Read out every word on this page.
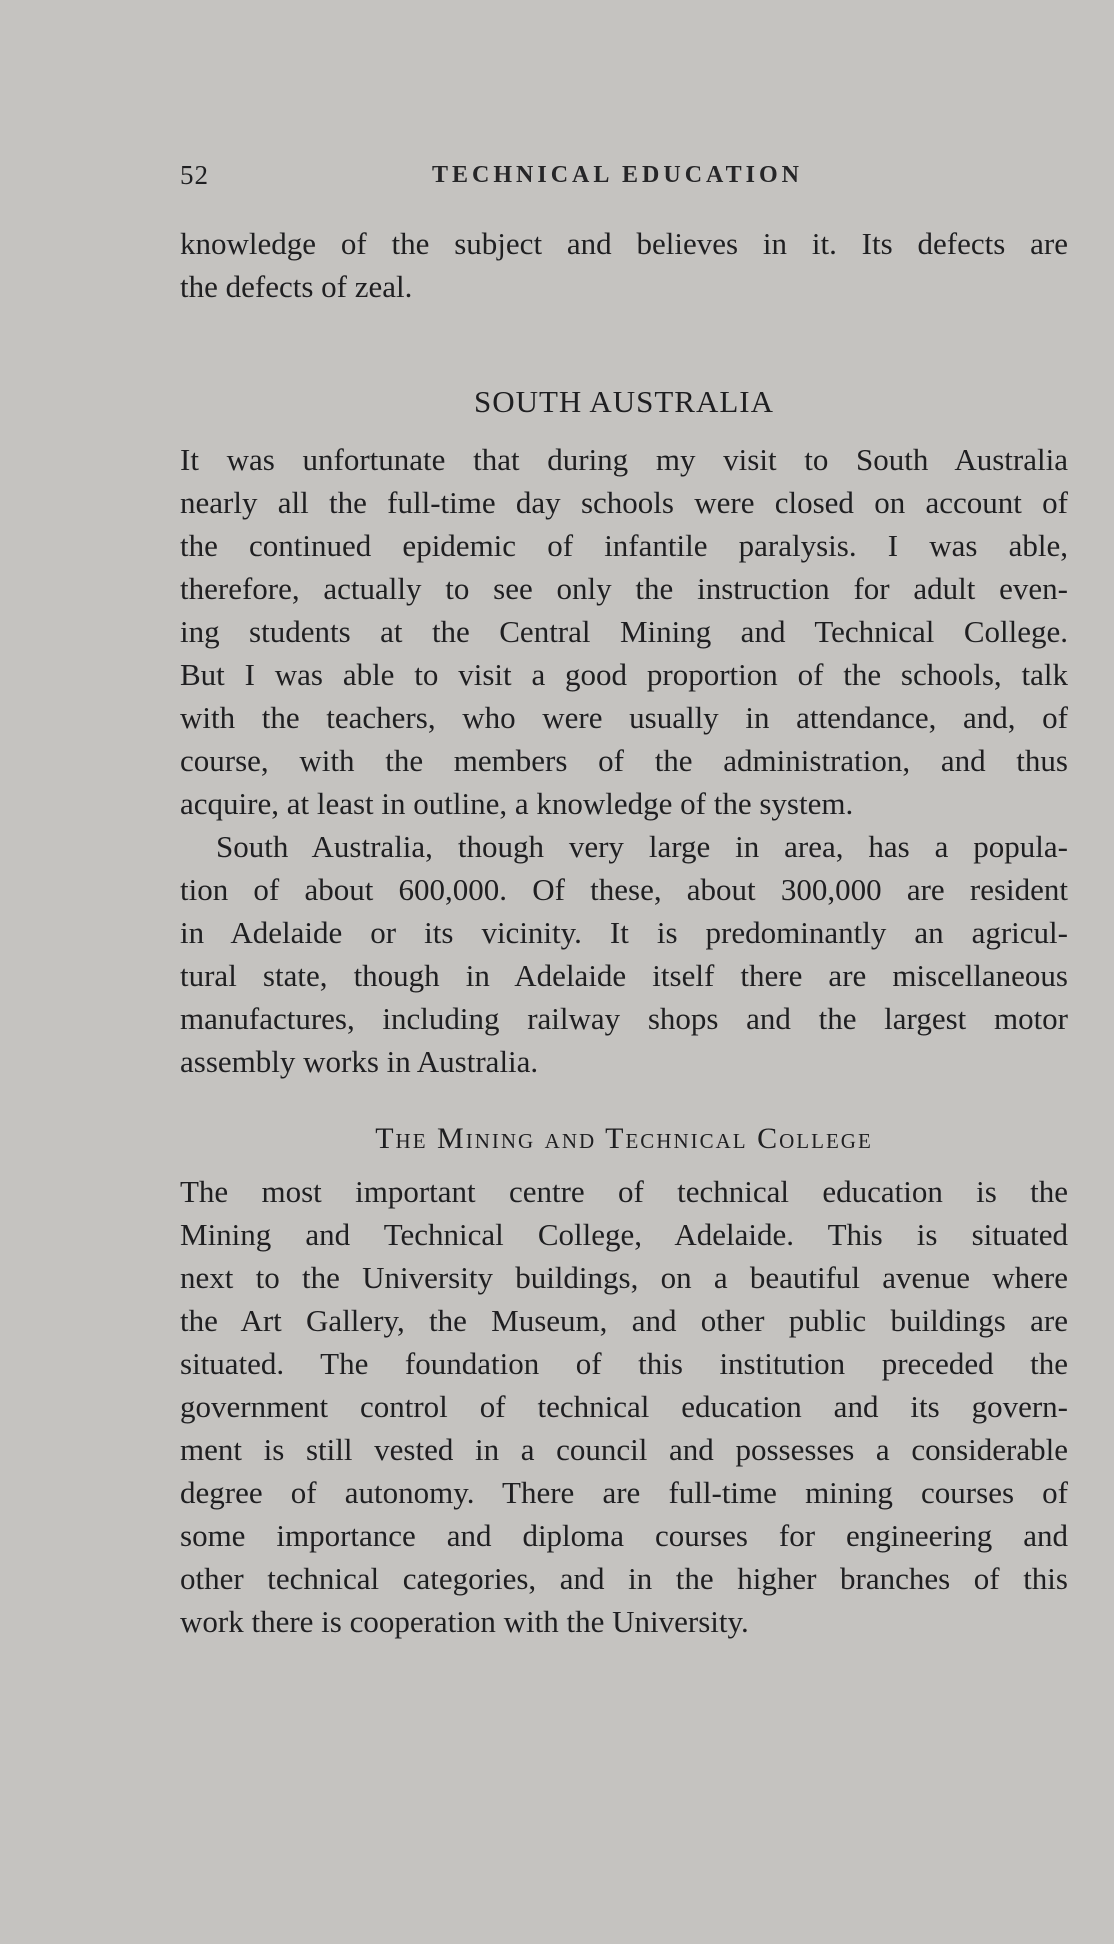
52	TECHNICAL EDUCATION
knowledge of the subject and believes in it. Its defects are
the defects of zeal.
SOUTH AUSTRALIA
It was unfortunate that during my visit to South Australia
nearly all the full-time day schools were closed on account of
the continued epidemic of infantile paralysis. I was able,
therefore, actually to see only the instruction for adult even-
ing students at the Central Mining and Technical College.
But I was able to visit a good proportion of the schools, talk
with the teachers, who were usually in attendance, and, of
course, with the members of the administration, and thus
acquire, at least in outline, a knowledge of the system.
South Australia, though very large in area, has a popula-
tion of about 600,000. Of these, about 300,000 are resident
in Adelaide or its vicinity. It is predominantly an agricul-
tural state, though in Adelaide itself there are miscellaneous
manufactures, including railway shops and the largest motor
assembly works in Australia.
The Mining and Technical College
The most important centre of technical education is the
Mining and Technical College, Adelaide. This is situated
next to the University buildings, on a beautiful avenue where
the Art Gallery, the Museum, and other public buildings are
situated. The foundation of this institution preceded the
government control of technical education and its govern-
ment is still vested in a council and possesses a considerable
degree of autonomy. There are full-time mining courses of
some importance and diploma courses for engineering and
other technical categories, and in the higher branches of this
work there is cooperation with the University.
